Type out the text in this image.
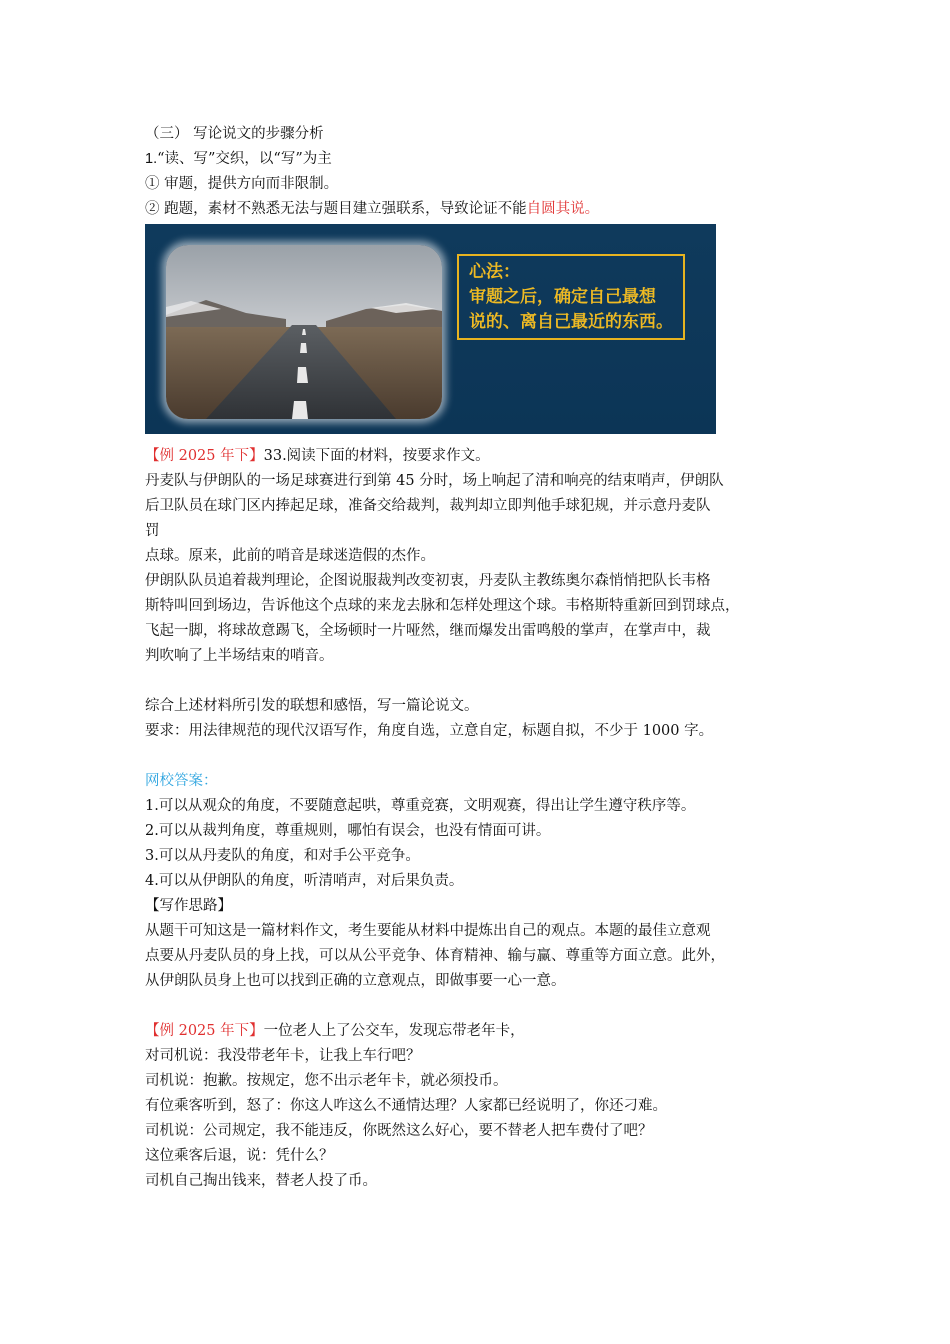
（三） 写论说文的步骤分析
1.“读、写”交织，以“写”为主
① 审题，提供方向而非限制。
② 跑题，素材不熟悉无法与题目建立强联系，导致论证不能自圆其说。
心法：
审题之后，确定自己最想
说的、离自己最近的东西。
【例 2025 年下】33.阅读下面的材料，按要求作文。
丹麦队与伊朗队的一场足球赛进行到第 45 分时，场上响起了清和响亮的结束哨声，伊朗队
后卫队员在球门区内捧起足球，准备交给裁判，裁判却立即判他手球犯规，并示意丹麦队
罚
点球。原来，此前的哨音是球迷造假的杰作。
伊朗队队员追着裁判理论，企图说服裁判改变初衷，丹麦队主教练奥尔森悄悄把队长韦格
斯特叫回到场边，告诉他这个点球的来龙去脉和怎样处理这个球。韦格斯特重新回到罚球点，
飞起一脚，将球故意踢飞，全场顿时一片哑然，继而爆发出雷鸣般的掌声，在掌声中，裁
判吹响了上半场结束的哨音。
综合上述材料所引发的联想和感悟，写一篇论说文。
要求：用法律规范的现代汉语写作，角度自选，立意自定，标题自拟，不少于 1000 字。
网校答案：
1.可以从观众的角度，不要随意起哄，尊重竞赛，文明观赛，得出让学生遵守秩序等。
2.可以从裁判角度，尊重规则，哪怕有误会，也没有情面可讲。
3.可以从丹麦队的角度，和对手公平竞争。
4.可以从伊朗队的角度，听清哨声，对后果负责。
【写作思路】
从题干可知这是一篇材料作文，考生要能从材料中提炼出自己的观点。本题的最佳立意观
点要从丹麦队员的身上找，可以从公平竞争、体育精神、输与赢、尊重等方面立意。此外，
从伊朗队员身上也可以找到正确的立意观点，即做事要一心一意。
【例 2025 年下】一位老人上了公交车，发现忘带老年卡，
对司机说：我没带老年卡，让我上车行吧？
司机说：抱歉。按规定，您不出示老年卡，就必须投币。
有位乘客听到，怒了：你这人咋这么不通情达理？人家都已经说明了，你还刁难。
司机说：公司规定，我不能违反，你既然这么好心，要不替老人把车费付了吧？
这位乘客后退，说：凭什么？
司机自己掏出钱来，替老人投了币。
